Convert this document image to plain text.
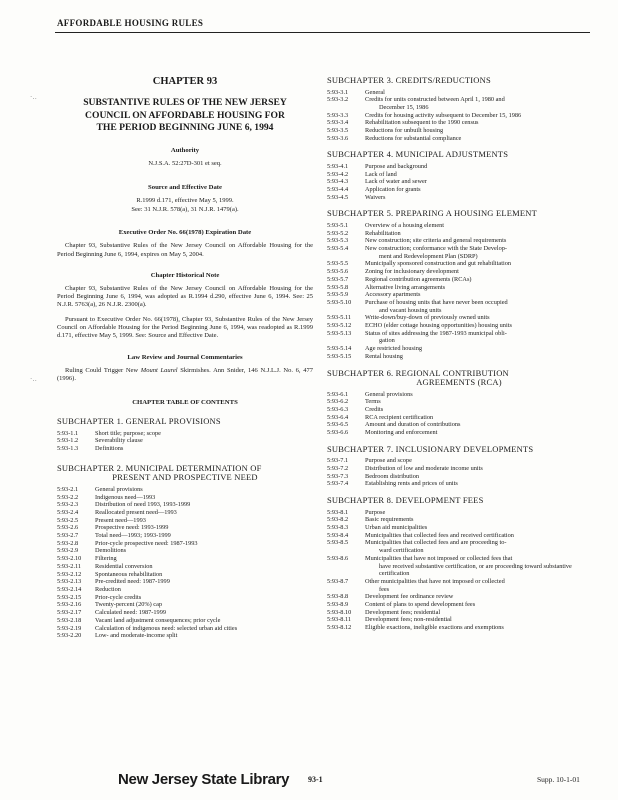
AFFORDABLE HOUSING RULES
`··
`··
CHAPTER 93
SUBSTANTIVE RULES OF THE NEW JERSEY
COUNCIL ON AFFORDABLE HOUSING FOR
THE PERIOD BEGINNING JUNE 6, 1994
Authority
N.J.S.A. 52:27D-301 et seq.
Source and Effective Date
R.1999 d.171, effective May 5, 1999.
See: 31 N.J.R. 578(a), 31 N.J.R. 1479(a).
Executive Order No. 66(1978) Expiration Date
Chapter 93, Substantive Rules of the New Jersey Council on Affordable Housing for the Period Beginning June 6, 1994, expires on May 5, 2004.
Chapter Historical Note
Chapter 93, Substantive Rules of the New Jersey Council on Affordable Housing for the Period Beginning June 6, 1994, was adopted as R.1994 d.290, effective June 6, 1994. See: 25 N.J.R. 5763(a), 26 N.J.R. 2300(a).
Pursuant to Executive Order No. 66(1978), Chapter 93, Substantive Rules of the New Jersey Council on Affordable Housing for the Period Beginning June 6, 1994, was readopted as R.1999 d.171, effective May 5, 1999. See: Source and Effective Date.
Law Review and Journal Commentaries
Ruling Could Trigger New Mount Laurel Skirmishes. Ann Snider, 146 N.J.L.J. No. 6, 477 (1996).
CHAPTER TABLE OF CONTENTS
SUBCHAPTER 1. GENERAL PROVISIONS
5:93-1.1	Short title; purpose; scope
5:93-1.2	Severability clause
5:93-1.3	Definitions
SUBCHAPTER 2. MUNICIPAL DETERMINATION OF
PRESENT AND PROSPECTIVE NEED
5:93-2.1	General provisions
5:93-2.2	Indigenous need—1993
5:93-2.3	Distribution of need 1993, 1993-1999
5:93-2.4	Reallocated present need—1993
5:93-2.5	Present need—1993
5:93-2.6	Prospective need: 1993-1999
5:93-2.7	Total need—1993; 1993-1999
5:93-2.8	Prior-cycle prospective need: 1987-1993
5:93-2.9	Demolitions
5:93-2.10	Filtering
5:93-2.11	Residential conversion
5:93-2.12	Spontaneous rehabilitation
5:93-2.13	Pre-credited need: 1987-1999
5:93-2.14	Reduction
5:93-2.15	Prior-cycle credits
5:93-2.16	Twenty-percent (20%) cap
5:93-2.17	Calculated need: 1987-1999
5:93-2.18	Vacant land adjustment consequences; prior cycle
5:93-2.19	Calculation of indigenous need: selected urban aid cities
5:93-2.20	Low- and moderate-income split
SUBCHAPTER 3. CREDITS/REDUCTIONS
5:93-3.1	General
5:93-3.2	Credits for units constructed between April 1, 1980 and
December 15, 1986
5:93-3.3	Credits for housing activity subsequent to December 15, 1986
5:93-3.4	Rehabilitation subsequent to the 1990 census
5:93-3.5	Reductions for unbuilt housing
5:93-3.6	Reductions for substantial compliance
SUBCHAPTER 4. MUNICIPAL ADJUSTMENTS
5:93-4.1	Purpose and background
5:93-4.2	Lack of land
5:93-4.3	Lack of water and sewer
5:93-4.4	Application for grants
5:93-4.5	Waivers
SUBCHAPTER 5. PREPARING A HOUSING ELEMENT
5:93-5.1	Overview of a housing element
5:93-5.2	Rehabilitation
5:93-5.3	New construction; site criteria and general requirements
5:93-5.4	New construction; conformance with the State Develop-
ment and Redevelopment Plan (SDRP)
5:93-5.5	Municipally sponsored construction and gut rehabilitation
5:93-5.6	Zoning for inclusionary development
5:93-5.7	Regional contribution agreements (RCAs)
5:93-5.8	Alternative living arrangements
5:93-5.9	Accessory apartments
5:93-5.10	Purchase of housing units that have never been occupied
and vacant housing units
5:93-5.11	Write-down/buy-down of previously owned units
5:93-5.12	ECHO (elder cottage housing opportunities) housing units
5:93-5.13	Status of sites addressing the 1987-1993 municipal obli-
gation
5:93-5.14	Age restricted housing
5:93-5.15	Rental housing
SUBCHAPTER 6. REGIONAL CONTRIBUTION
AGREEMENTS (RCA)
5:93-6.1	General provisions
5:93-6.2	Terms
5:93-6.3	Credits
5:93-6.4	RCA recipient certification
5:93-6.5	Amount and duration of contributions
5:93-6.6	Monitoring and enforcement
SUBCHAPTER 7. INCLUSIONARY DEVELOPMENTS
5:93-7.1	Purpose and scope
5:93-7.2	Distribution of low and moderate income units
5:93-7.3	Bedroom distribution
5:93-7.4	Establishing rents and prices of units
SUBCHAPTER 8. DEVELOPMENT FEES
5:93-8.1	Purpose
5:93-8.2	Basic requirements
5:93-8.3	Urban aid municipalities
5:93-8.4	Municipalities that collected fees and received certification
5:93-8.5	Municipalities that collected fees and are proceeding to-
ward certification
5:93-8.6	Municipalities that have not imposed or collected fees that
have received substantive certification, or are proceeding toward substantive certification
5:93-8.7	Other municipalities that have not imposed or collected
fees
5:93-8.8	Development fee ordinance review
5:93-8.9	Content of plans to spend development fees
5:93-8.10	Development fees; residential
5:93-8.11	Development fees; non-residential
5:93-8.12	Eligible exactions, ineligible exactions and exemptions
New Jersey State Library 93-1	Supp. 10-1-01
